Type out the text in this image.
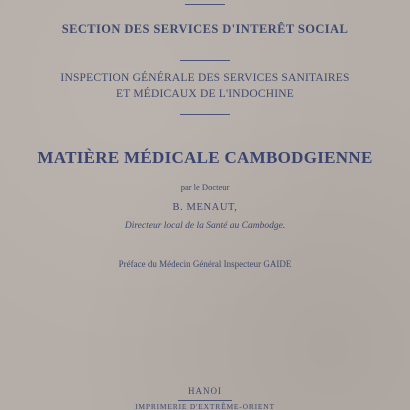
SECTION DES SERVICES D'INTERÊT SOCIAL
INSPECTION GÉNÉRALE DES SERVICES SANITAIRES
ET MÉDICAUX DE L'INDOCHINE
MATIÈRE MÉDICALE CAMBODGIENNE
par le Docteur
B. MENAUT,
Directeur local de la Santé au Cambodge.
Préface du Médecin Général Inspecteur GAIDE
HANOI
IMPRIMERIE D'EXTRÊME-ORIENT
